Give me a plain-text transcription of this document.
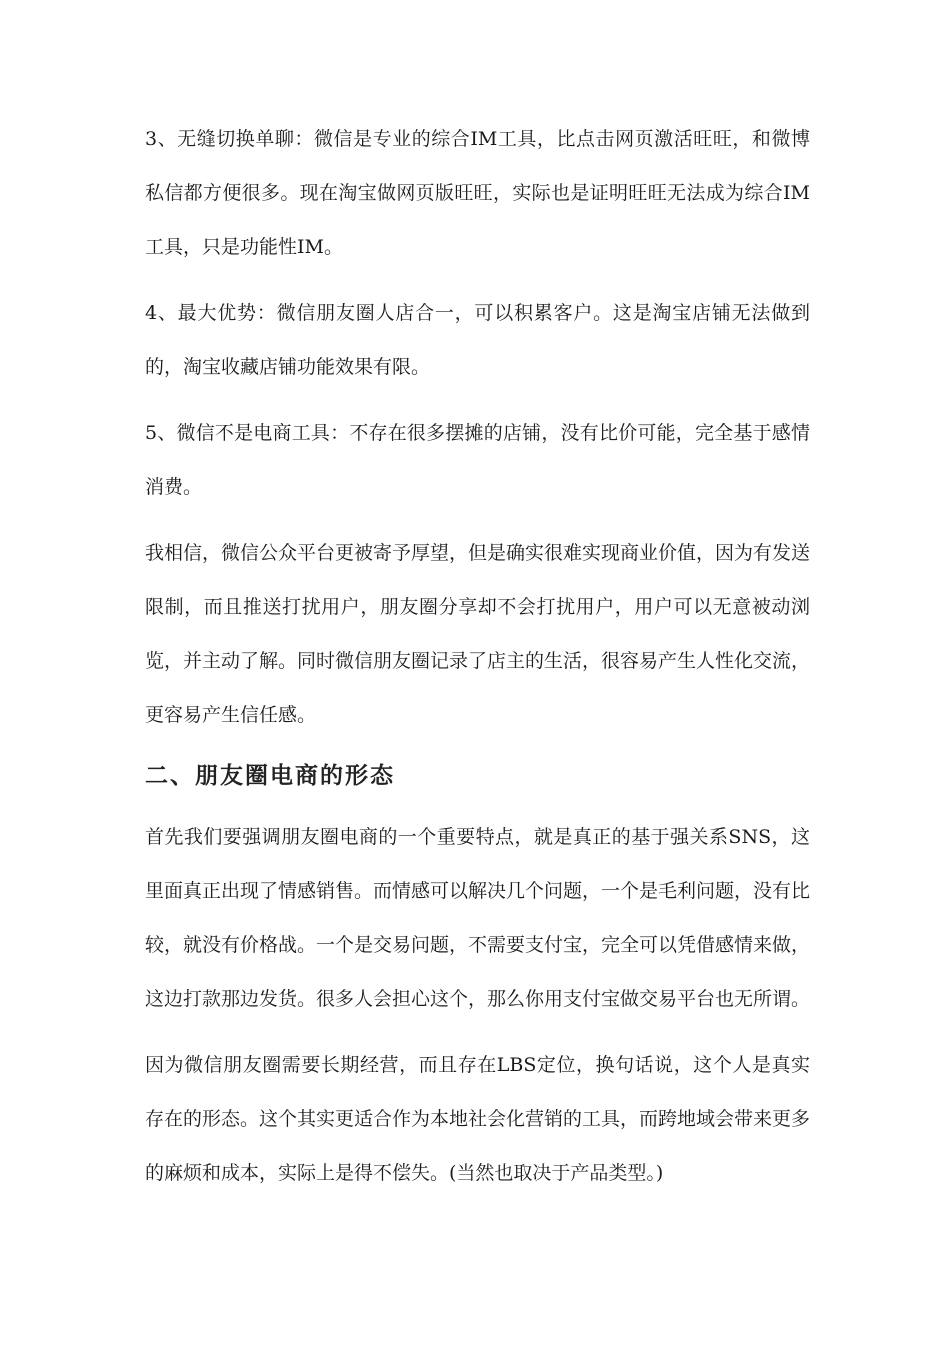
3、无缝切换单聊：微信是专业的综合IM工具，比点击网页激活旺旺，和微博私信都方便很多。现在淘宝做网页版旺旺，实际也是证明旺旺无法成为综合IM工具，只是功能性IM。

4、最大优势：微信朋友圈人店合一，可以积累客户。这是淘宝店铺无法做到的，淘宝收藏店铺功能效果有限。

5、微信不是电商工具：不存在很多摆摊的店铺，没有比价可能，完全基于感情消费。

我相信，微信公众平台更被寄予厚望，但是确实很难实现商业价值，因为有发送限制，而且推送打扰用户，朋友圈分享却不会打扰用户，用户可以无意被动浏览，并主动了解。同时微信朋友圈记录了店主的生活，很容易产生人性化交流，更容易产生信任感。

二、朋友圈电商的形态

首先我们要强调朋友圈电商的一个重要特点，就是真正的基于强关系SNS，这里面真正出现了情感销售。而情感可以解决几个问题，一个是毛利问题，没有比较，就没有价格战。一个是交易问题，不需要支付宝，完全可以凭借感情来做，这边打款那边发货。很多人会担心这个，那么你用支付宝做交易平台也无所谓。

因为微信朋友圈需要长期经营，而且存在LBS定位，换句话说，这个人是真实存在的形态。这个其实更适合作为本地社会化营销的工具，而跨地域会带来更多的麻烦和成本，实际上是得不偿失。(当然也取决于产品类型。)
